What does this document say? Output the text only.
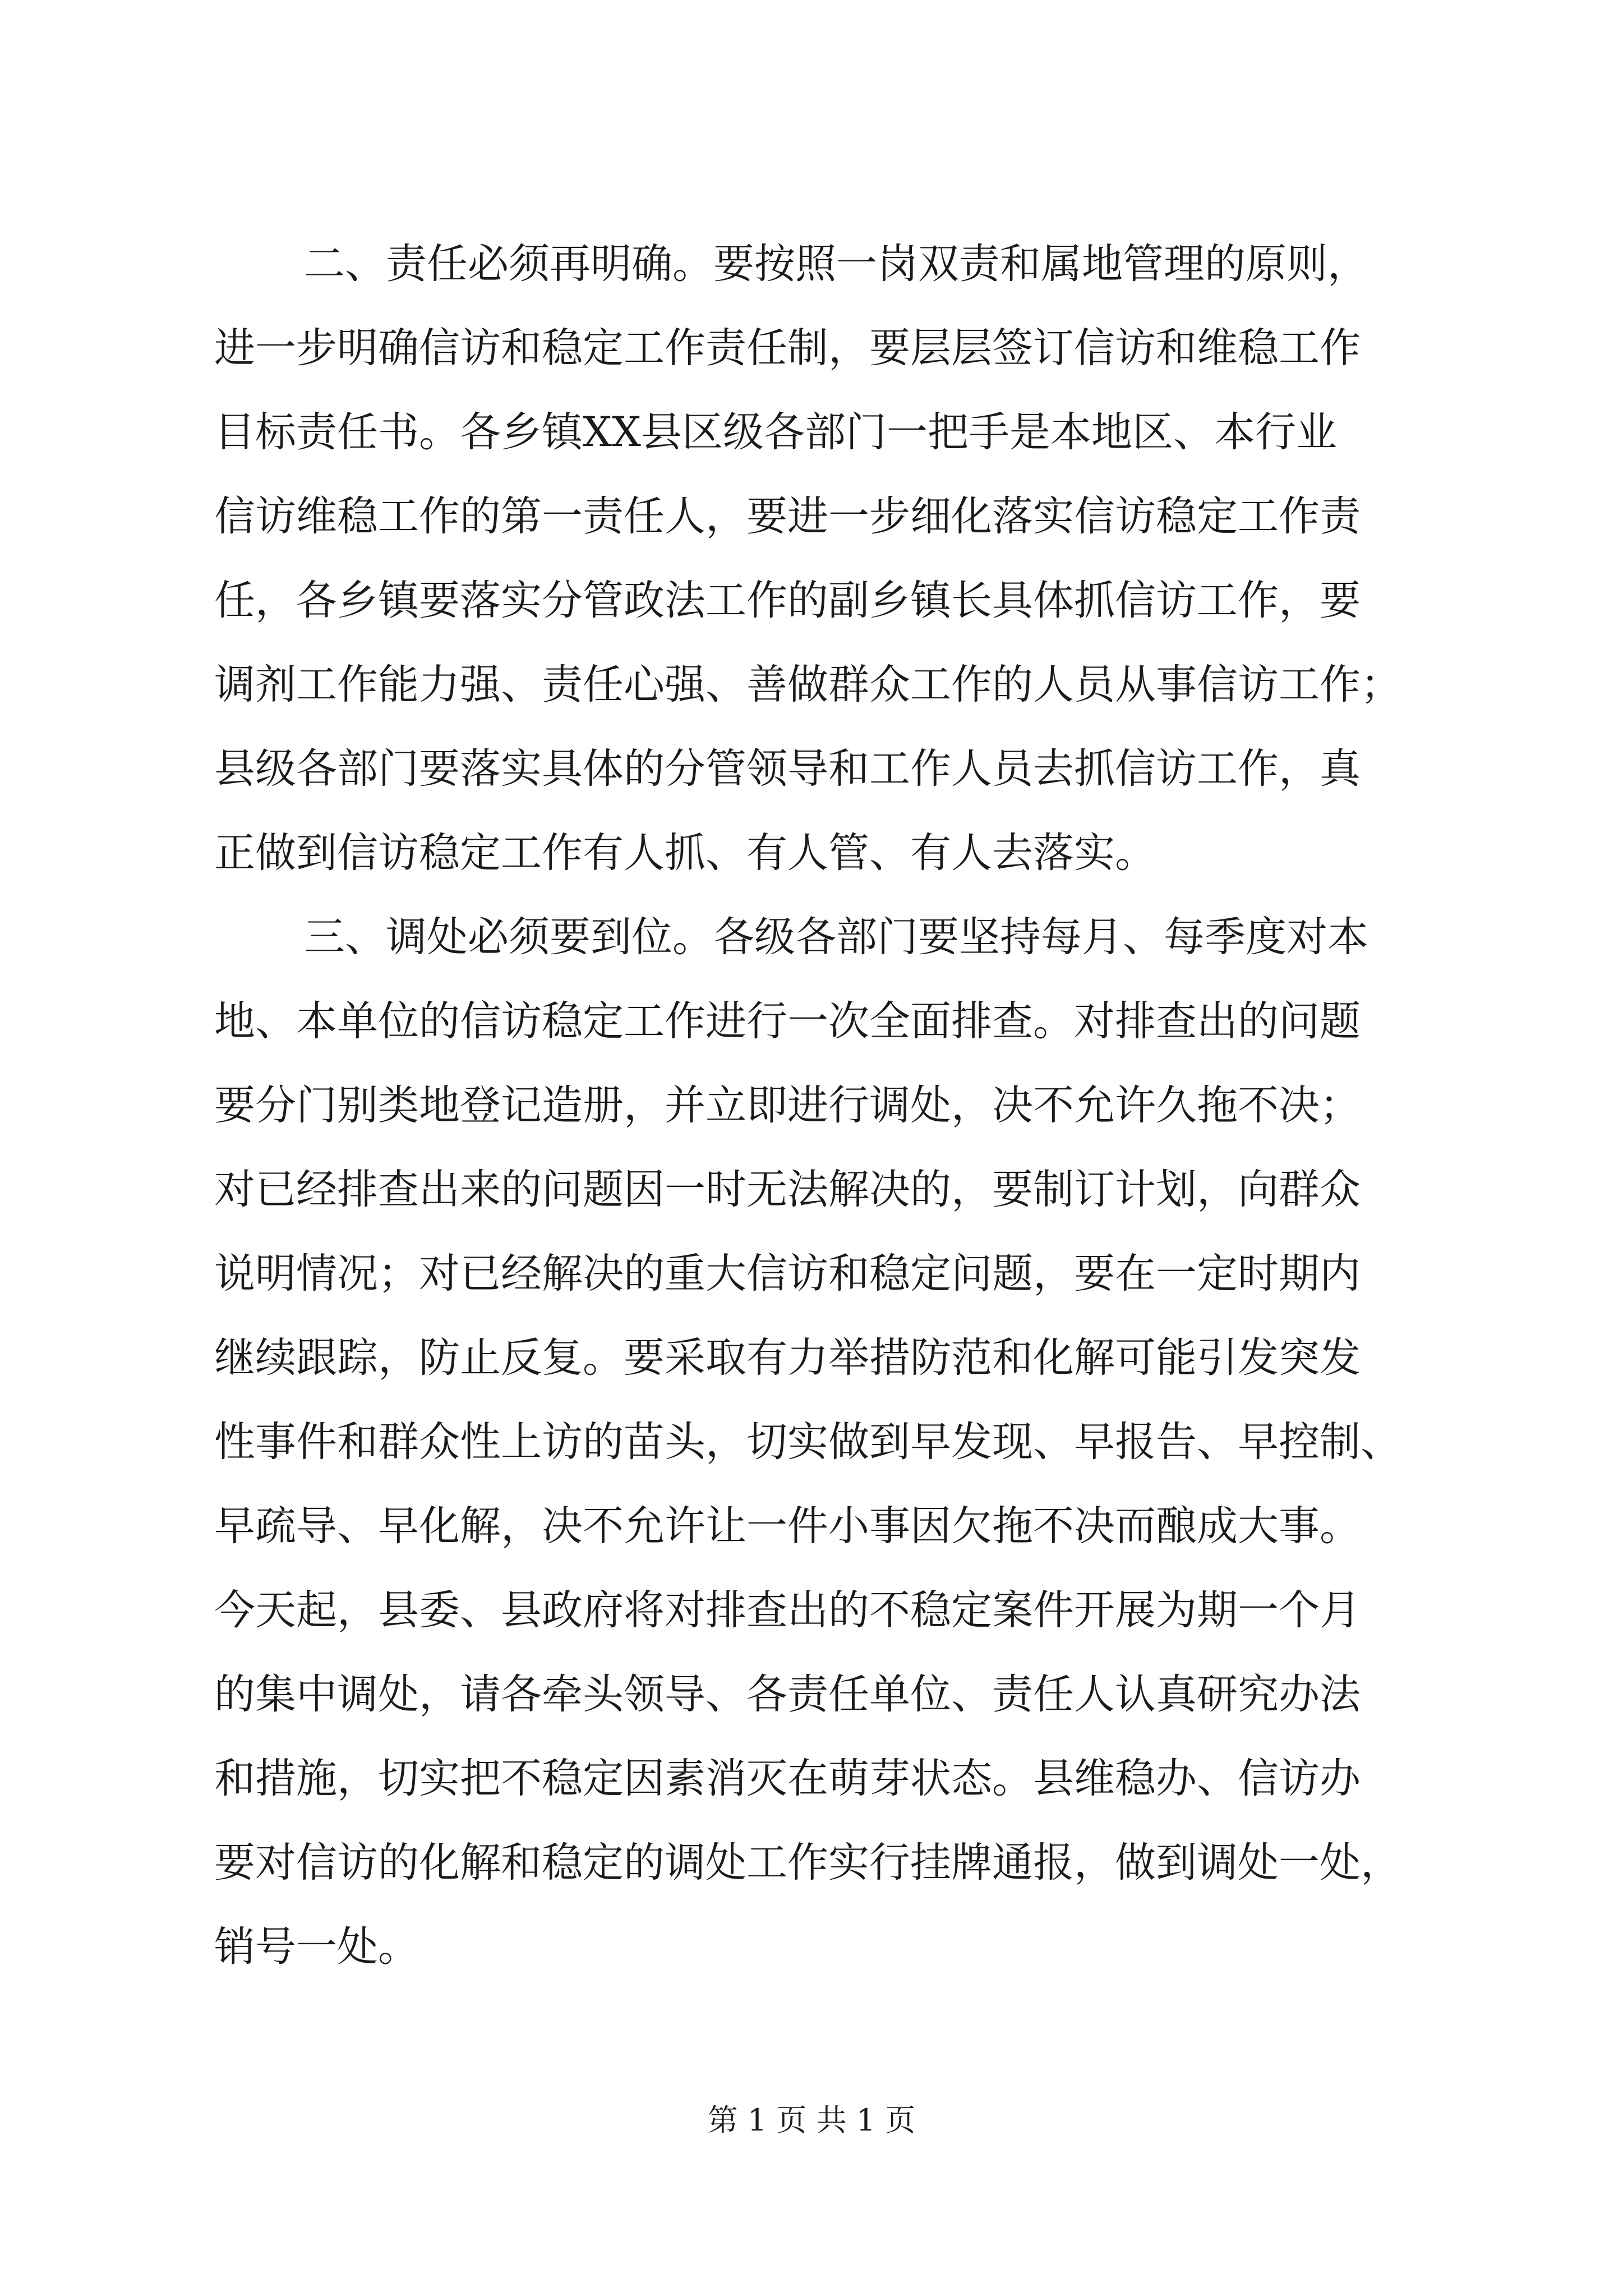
二、责任必须再明确。要按照一岗双责和属地管理的原则，
进一步明确信访和稳定工作责任制，要层层签订信访和维稳工作
目标责任书。各乡镇XX县区级各部门一把手是本地区、本行业
信访维稳工作的第一责任人，要进一步细化落实信访稳定工作责
任，各乡镇要落实分管政法工作的副乡镇长具体抓信访工作，要
调剂工作能力强、责任心强、善做群众工作的人员从事信访工作；
县级各部门要落实具体的分管领导和工作人员去抓信访工作，真
正做到信访稳定工作有人抓、有人管、有人去落实。
三、调处必须要到位。各级各部门要坚持每月、每季度对本
地、本单位的信访稳定工作进行一次全面排查。对排查出的问题
要分门别类地登记造册，并立即进行调处，决不允许久拖不决；
对已经排查出来的问题因一时无法解决的，要制订计划，向群众
说明情况；对已经解决的重大信访和稳定问题，要在一定时期内
继续跟踪，防止反复。要采取有力举措防范和化解可能引发突发
性事件和群众性上访的苗头，切实做到早发现、早报告、早控制、
早疏导、早化解，决不允许让一件小事因欠拖不决而酿成大事。
今天起，县委、县政府将对排查出的不稳定案件开展为期一个月
的集中调处，请各牵头领导、各责任单位、责任人认真研究办法
和措施，切实把不稳定因素消灭在萌芽状态。县维稳办、信访办
要对信访的化解和稳定的调处工作实行挂牌通报，做到调处一处，
销号一处。
第 1 页 共 1 页
